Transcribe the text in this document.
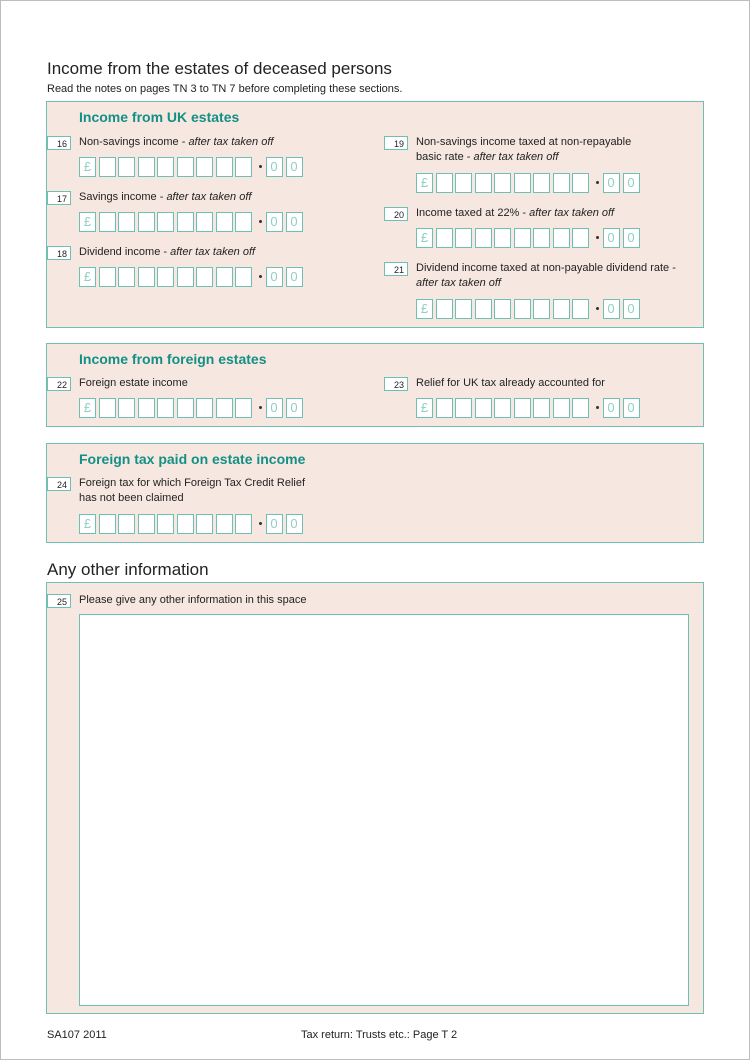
Income from the estates of deceased persons
Read the notes on pages TN 3 to TN 7 before completing these sections.
Income from UK estates
16	Non-savings income - after tax taken off
£	0 0
17	Savings income - after tax taken off
£	0 0
18	Dividend income - after tax taken off
£	0 0
19	Non-savings income taxed at non-repayable
basic rate - after tax taken off
£	0 0
20	Income taxed at 22% - after tax taken off
£	0 0
21	Dividend income taxed at non-payable dividend rate -
after tax taken off
£	0 0
Income from foreign estates
22	Foreign estate income
£	0 0
23	Relief for UK tax already accounted for
£	0 0
Foreign tax paid on estate income
24	Foreign tax for which Foreign Tax Credit Relief
has not been claimed
£	0 0
Any other information
25	Please give any other information in this space
SA107 2011	Tax return: Trusts etc.: Page T 2
